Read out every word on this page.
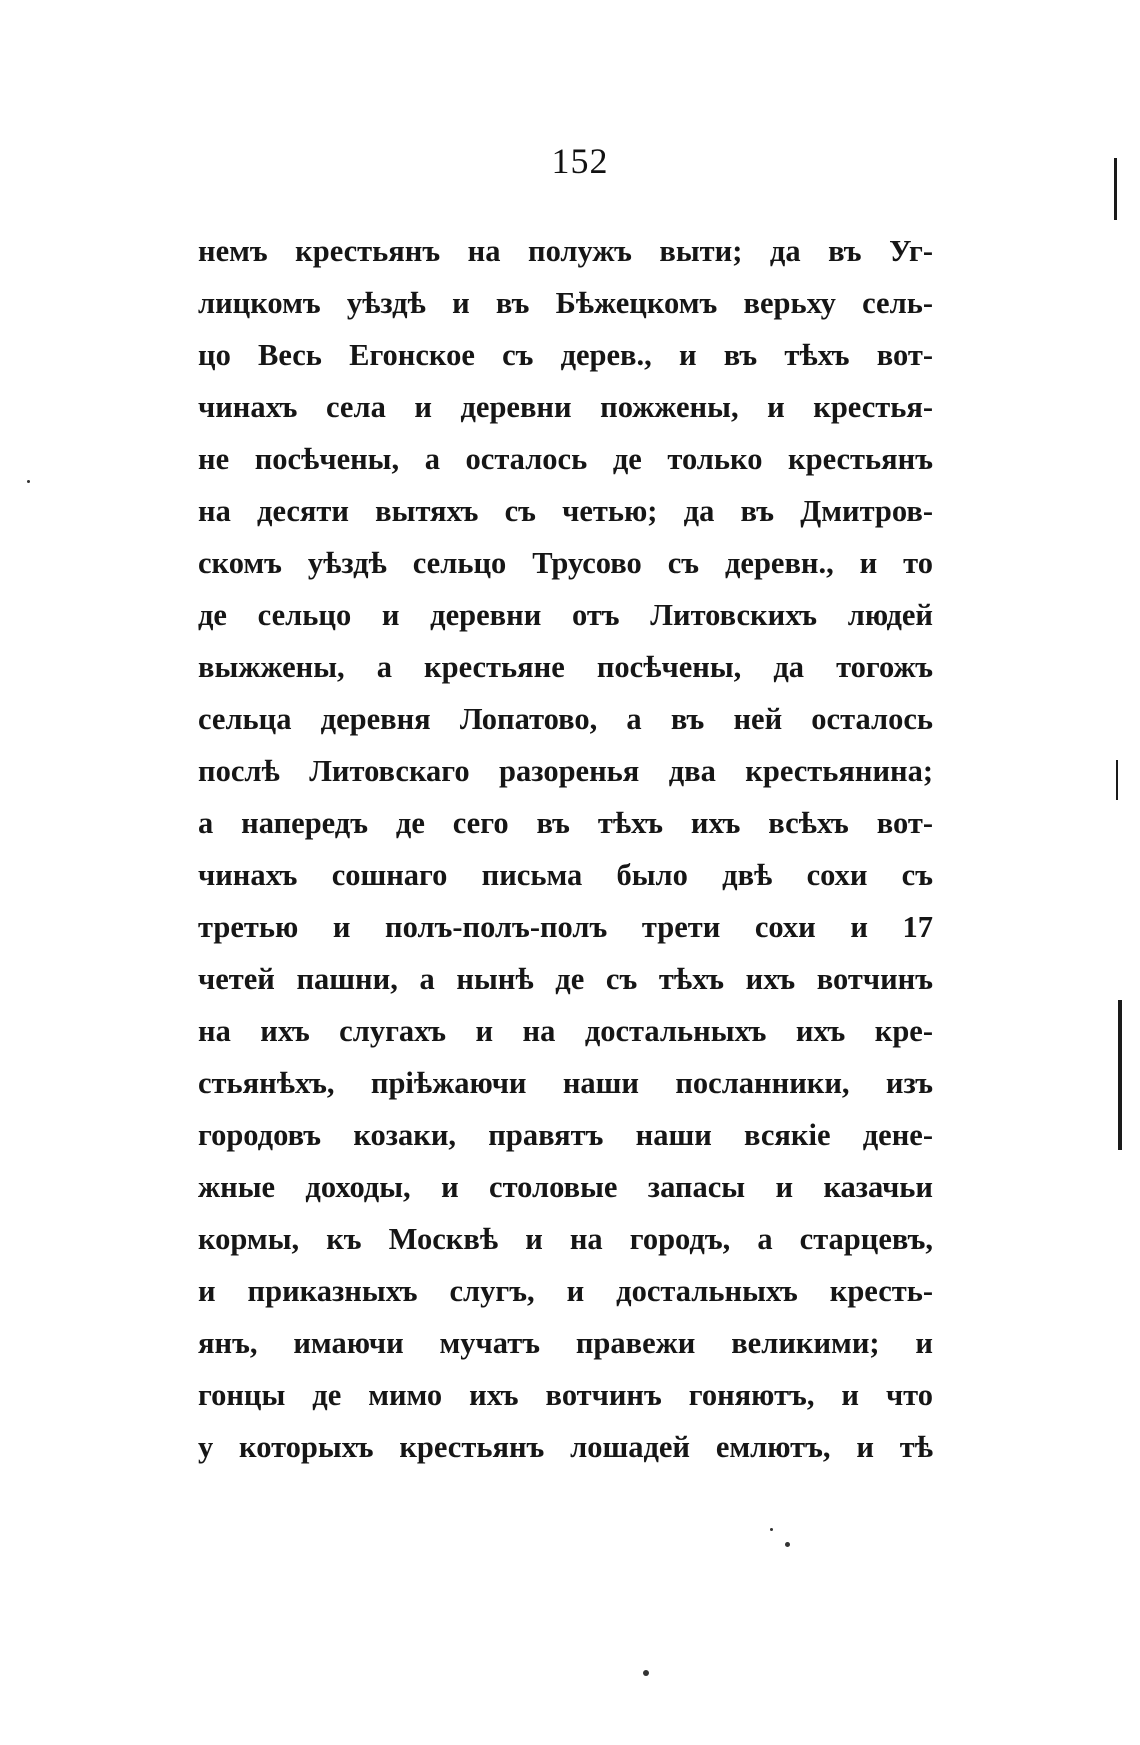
152
немъ крестьянъ на полужъ выти; да въ Уг-
лицкомъ уѣздѣ и въ Бѣжецкомъ верьху сель-
цо Весь Егонское съ дерев., и въ тѣхъ вот-
чинахъ села и деревни пожжены, и крестья-
не посѣчены, а осталось де только крестьянъ
на десяти вытяхъ съ четью; да въ Дмитров-
скомъ уѣздѣ сельцо Трусово съ деревн., и то
де сельцо и деревни отъ Литовскихъ людей
выжжены, а крестьяне посѣчены, да тогожъ
сельца деревня Лопатово, а въ ней осталось
послѣ Литовскаго разоренья два крестьянина;
а напередъ де сего въ тѣхъ ихъ всѣхъ вот-
чинахъ сошнаго письма было двѣ сохи съ
третью и полъ-полъ-полъ трети сохи и 17
четей пашни, а нынѣ де съ тѣхъ ихъ вотчинъ
на ихъ слугахъ и на достальныхъ ихъ кре-
стьянѣхъ, пріѣжаючи наши посланники, изъ
городовъ козаки, правятъ наши всякіе дене-
жные доходы, и столовые запасы и казачьи
кормы, къ Москвѣ и на городъ, а старцевъ,
и приказныхъ слугъ, и достальныхъ кресть-
янъ, имаючи мучатъ правежи великими; и
гонцы де мимо ихъ вотчинъ гоняютъ, и что
у которыхъ крестьянъ лошадей емлютъ, и тѣ
